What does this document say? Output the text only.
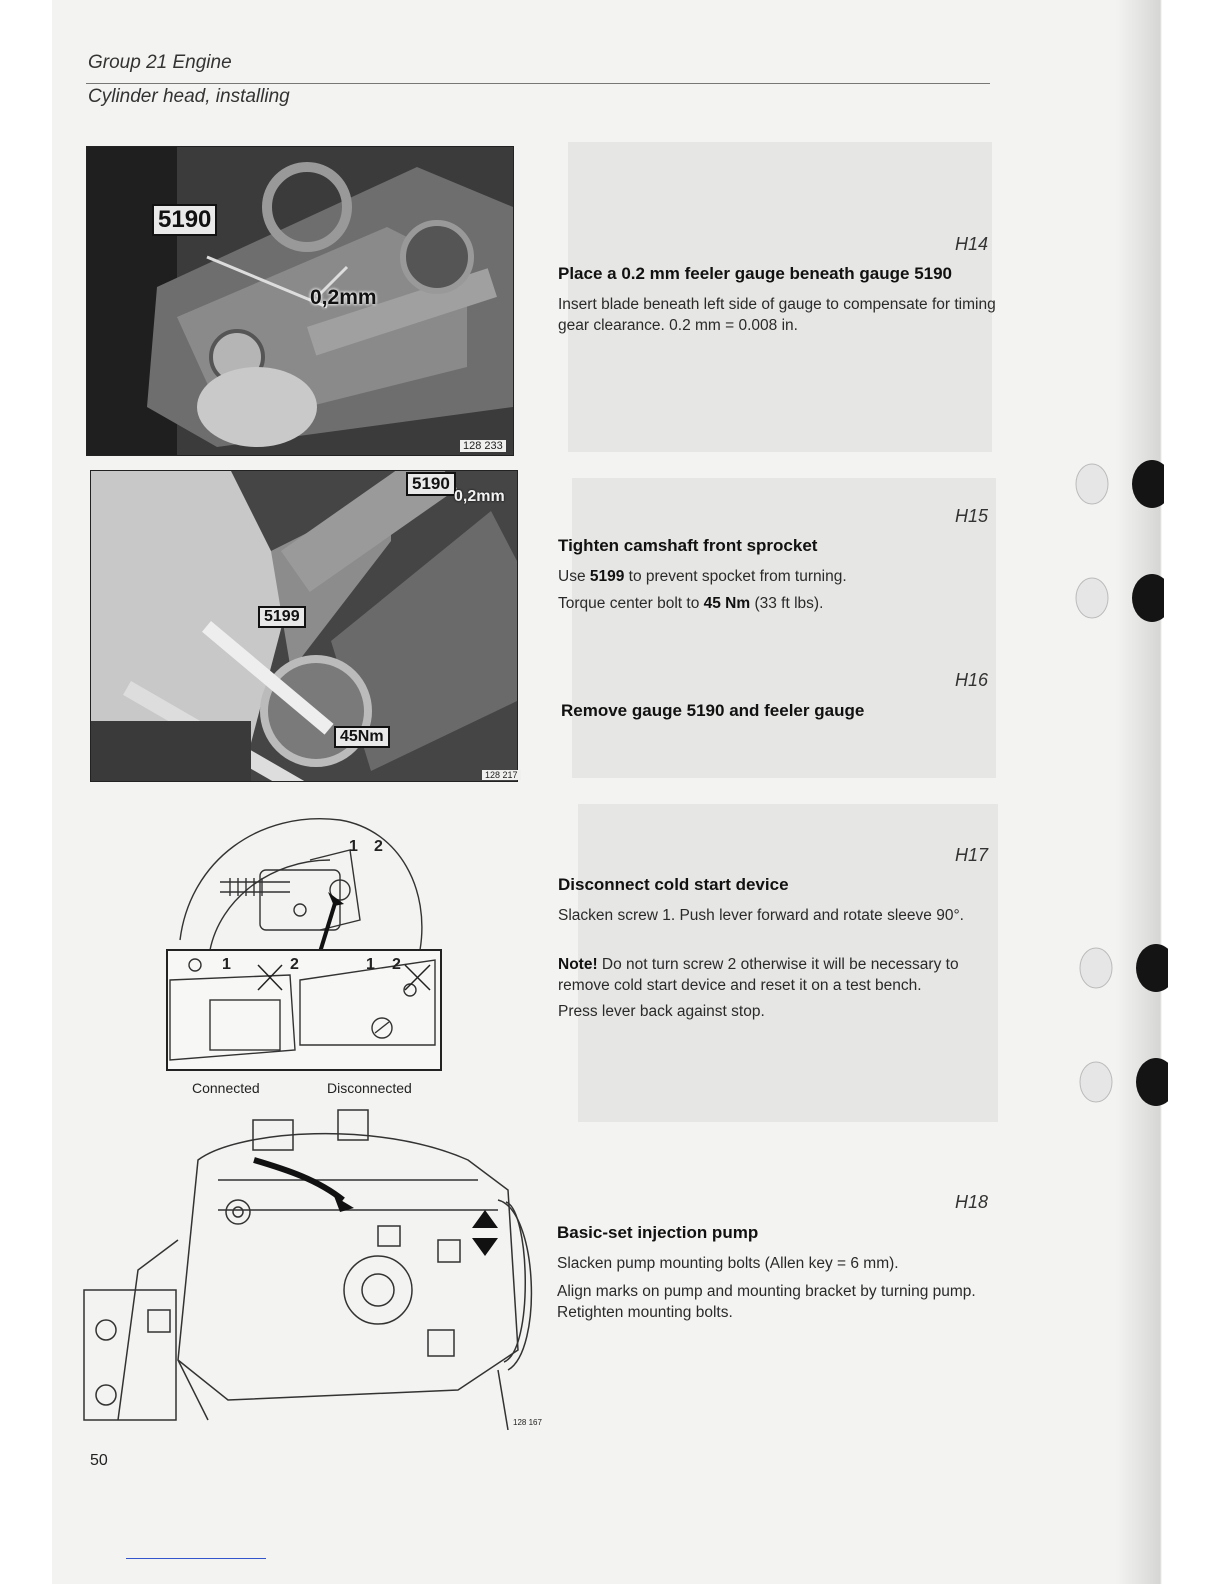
Group 21 Engine
Cylinder head, installing
5190
0,2mm
128 233
5190
0,2mm
5199
45Nm
128 217
1 2
1	2	1 2
Connected	Disconnected
128 167
H14
Place a 0.2 mm feeler gauge beneath gauge 5190
Insert blade beneath left side of gauge to compensate for timing gear clearance. 0.2 mm = 0.008 in.
H15
Tighten camshaft front sprocket
Use 5199 to prevent spocket from turning.
Torque center bolt to 45 Nm (33 ft lbs).
H16
Remove gauge 5190 and feeler gauge
H17
Disconnect cold start device
Slacken screw 1. Push lever forward and rotate sleeve 90°.
Note! Do not turn screw 2 otherwise it will be necessary to remove cold start device and reset it on a test bench.
Press lever back against stop.
H18
Basic-set injection pump
Slacken pump mounting bolts (Allen key = 6 mm).
Align marks on pump and mounting bracket by turning pump. Retighten mounting bolts.
50
